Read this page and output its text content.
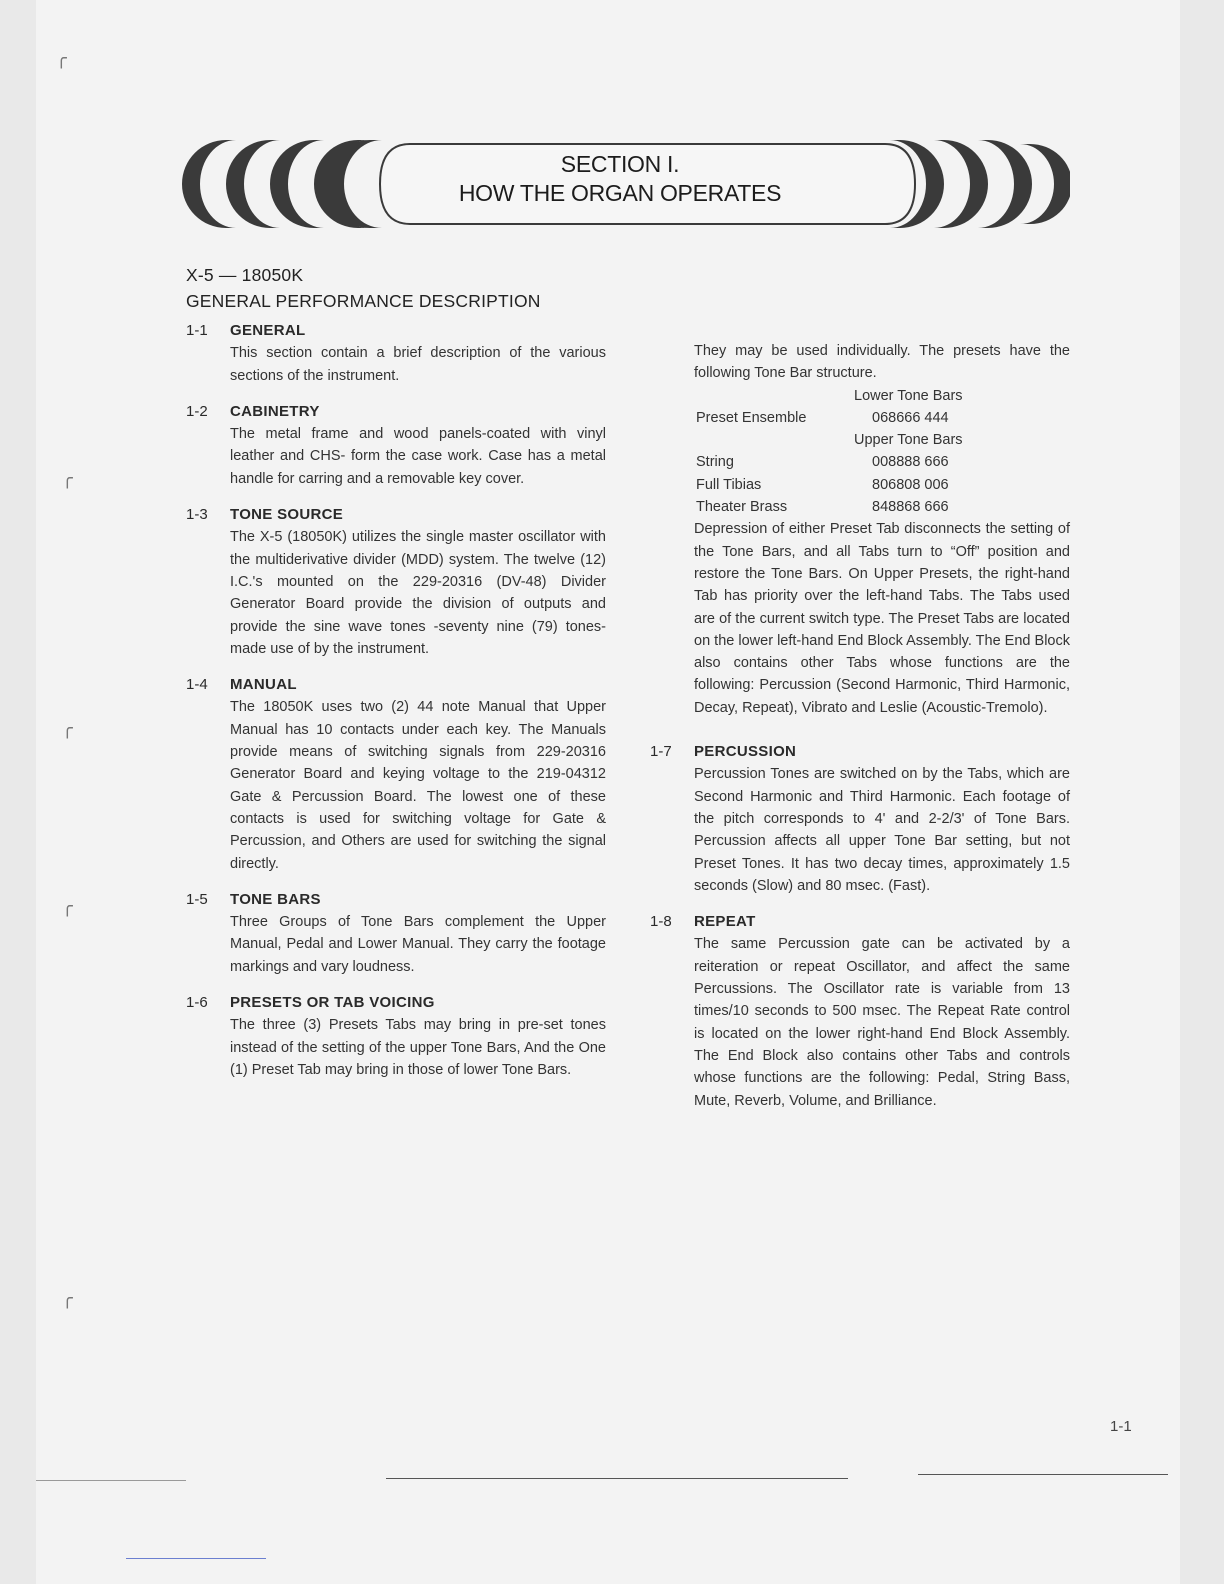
╭
╭
╭
╭
╭
SECTION I.
HOW THE ORGAN OPERATES
X-5 — 18050K
GENERAL PERFORMANCE DESCRIPTION
1-1	GENERAL
This section contain a brief description of the various sections of the instrument.
1-2	CABINETRY
The metal frame and wood panels-coated with vinyl leather and CHS- form the case work. Case has a metal handle for carring and a removable key cover.
1-3	TONE SOURCE
The X-5 (18050K) utilizes the single master oscillator with the multiderivative divider (MDD) system. The twelve (12) I.C.'s mounted on the 229-20316 (DV-48) Divider Generator Board provide the division of outputs and provide the sine wave tones -seventy nine (79) tones- made use of by the instrument.
1-4	MANUAL
The 18050K uses two (2) 44 note Manual that Upper Manual has 10 contacts under each key. The Manuals provide means of switching signals from 229-20316 Generator Board and keying voltage to the 219-04312 Gate & Percussion Board. The lowest one of these contacts is used for switching voltage for Gate & Percussion, and Others are used for switching the signal directly.
1-5	TONE BARS
Three Groups of Tone Bars complement the Upper Manual, Pedal and Lower Manual. They carry the footage markings and vary loudness.
1-6	PRESETS OR TAB VOICING
The three (3) Presets Tabs may bring in pre-set tones instead of the setting of the upper Tone Bars, And the One (1) Preset Tab may bring in those of lower Tone Bars.
They may be used individually. The presets have the following Tone Bar structure.
Lower Tone Bars
Preset Ensemble	068666 444
Upper Tone Bars
String	008888 666
Full Tibias	806808 006
Theater Brass	848868 666
Depression of either Preset Tab disconnects the setting of the Tone Bars, and all Tabs turn to “Off” position and restore the Tone Bars. On Upper Presets, the right-hand Tab has priority over the left-hand Tabs. The Tabs used are of the current switch type. The Preset Tabs are located on the lower left-hand End Block Assembly. The End Block also contains other Tabs whose functions are the following: Percussion (Second Harmonic, Third Harmonic, Decay, Repeat), Vibrato and Leslie (Acoustic-Tremolo).
1-7	PERCUSSION
Percussion Tones are switched on by the Tabs, which are Second Harmonic and Third Harmonic. Each footage of the pitch corresponds to 4' and 2-2/3' of Tone Bars. Percussion affects all upper Tone Bar setting, but not Preset Tones. It has two decay times, approximately 1.5 seconds (Slow) and 80 msec. (Fast).
1-8	REPEAT
The same Percussion gate can be activated by a reiteration or repeat Oscillator, and affect the same Percussions. The Oscillator rate is variable from 13 times/10 seconds to 500 msec. The Repeat Rate control is located on the lower right-hand End Block Assembly. The End Block also contains other Tabs and controls whose functions are the following: Pedal, String Bass, Mute, Reverb, Volume, and Brilliance.
1-1
